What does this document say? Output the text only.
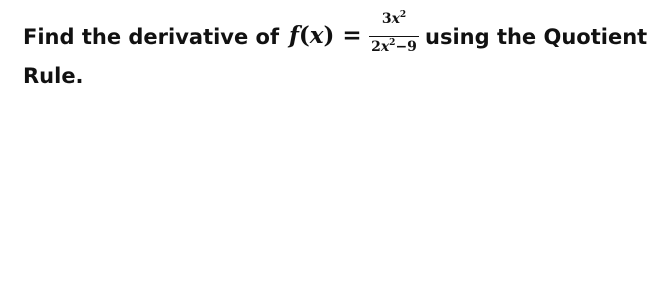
Find the derivative of f(x) =
$3x^2$
$2x^2-9$ using the Quotient
Rule.
